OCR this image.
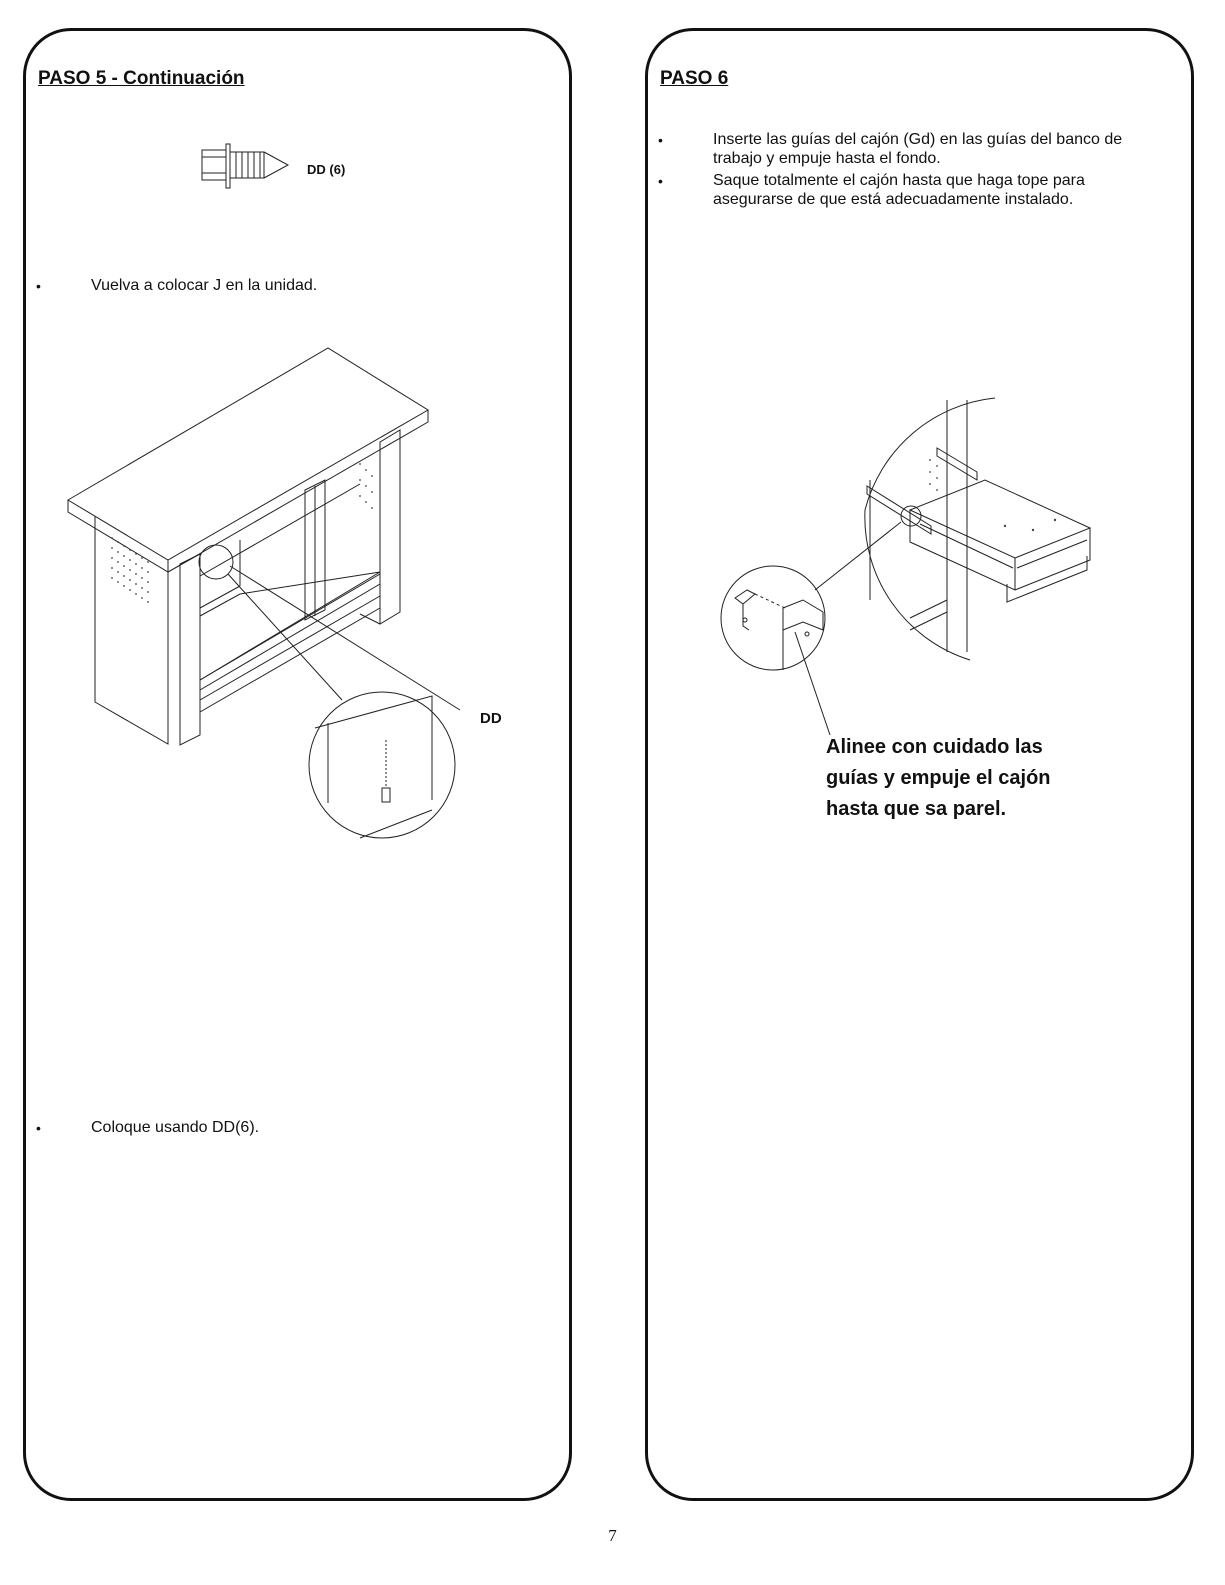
PASO 5 - Continuación
DD (6)
•	Vuelva a colocar J en la unidad.
DD
•	Coloque usando DD(6).
PASO 6
•	Inserte las guías del cajón (Gd) en las guías del banco de
trabajo y empuje hasta el fondo.
•	Saque totalmente el cajón hasta que haga tope para
asegurarse de que está adecuadamente instalado.
Alinee con cuidado las
guías y empuje el cajón
hasta que sa parel.
7
